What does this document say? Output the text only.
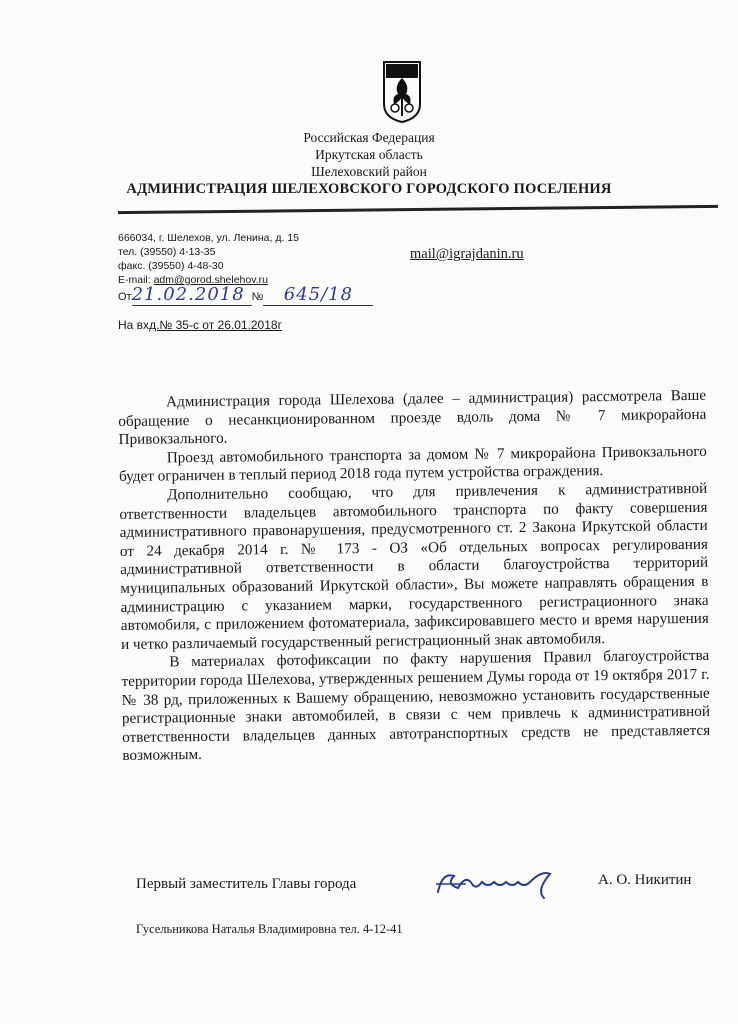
Российская Федерация
Иркутская область
Шелеховский район
АДМИНИСТРАЦИЯ ШЕЛЕХОВСКОГО ГОРОДСКОГО ПОСЕЛЕНИЯ
666034, г. Шелехов, ул. Ленина, д. 15
тел. (39550) 4-13-35
факс. (39550) 4-48-30
E-mail: adm@gorod.shelehov.ru
mail@igrajdanin.ru
От21.02.2018 № 645/18
На вхд.№ 35-с от 26.01.2018г

Администрация города Шелехова (далее – администрация) рассмотрела Ваше обращение о несанкционированном проезде вдоль дома № 7 микрорайона Привокзального.

Проезд автомобильного транспорта за домом № 7 микрорайона Привокзального будет ограничен в теплый период 2018 года путем устройства ограждения.

Дополнительно сообщаю, что для привлечения к административной ответственности владельцев автомобильного транспорта по факту совершения административного правонарушения, предусмотренного ст. 2 Закона Иркутской области от 24 декабря 2014 г. № 173 - ОЗ «Об отдельных вопросах регулирования административной ответственности в области благоустройства территорий муниципальных образований Иркутской области», Вы можете направлять обращения в администрацию с указанием марки, государственного регистрационного знака автомобиля, с приложением фотоматериала, зафиксировавшего место и время нарушения и четко различаемый государственный регистрационный знак автомобиля.

В материалах фотофиксации по факту нарушения Правил благоустройства территории города Шелехова, утвержденных решением Думы города от 19 октября 2017 г. № 38 рд, приложенных к Вашему обращению, невозможно установить государственные регистрационные знаки автомобилей, в связи с чем привлечь к административной ответственности владельцев данных автотранспортных средств не представляется возможным.

Первый заместитель Главы города	А. О. Никитин
Гусельникова Наталья Владимировна тел. 4-12-41
